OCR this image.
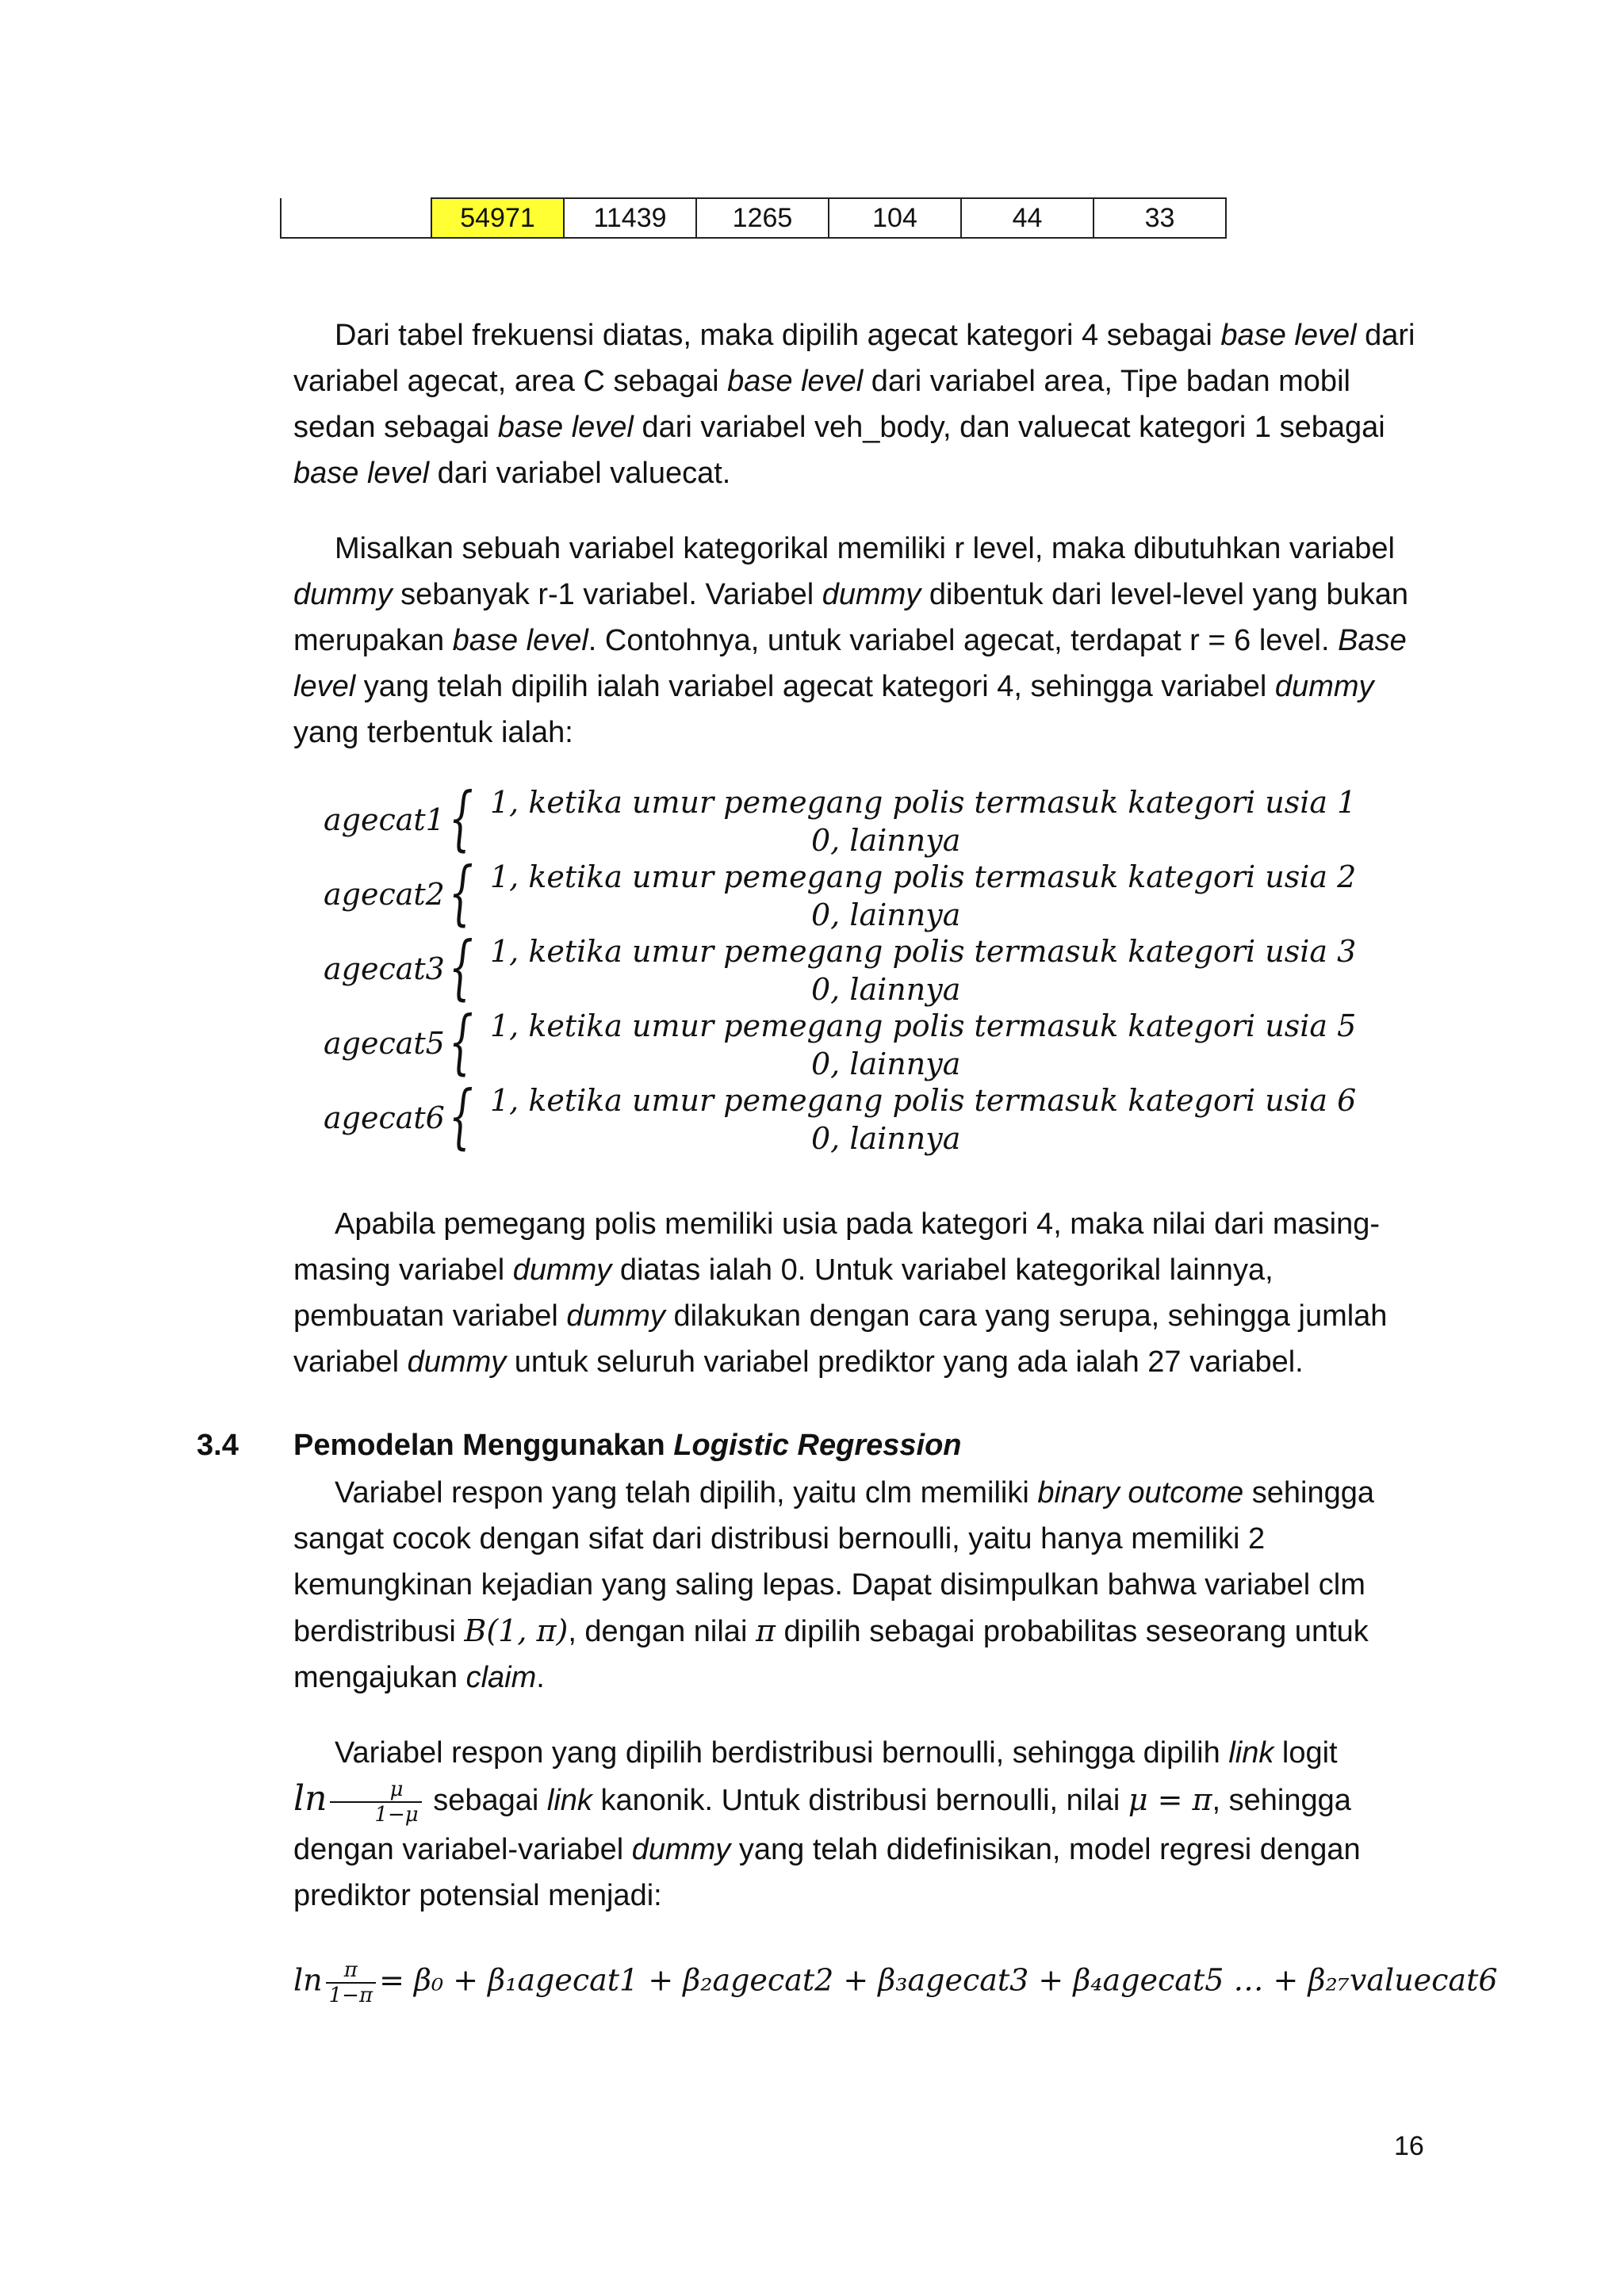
	54971	11439	1265	104	44	33

Dari tabel frekuensi diatas, maka dipilih agecat kategori 4 sebagai base level dari variabel agecat, area C sebagai base level dari variabel area, Tipe badan mobil sedan sebagai base level dari variabel veh_body, dan valuecat kategori 1 sebagai base level dari variabel valuecat.

Misalkan sebuah variabel kategorikal memiliki r level, maka dibutuhkan variabel dummy sebanyak r-1 variabel. Variabel dummy dibentuk dari level-level yang bukan merupakan base level. Contohnya, untuk variabel agecat, terdapat r = 6 level. Base level yang telah dipilih ialah variabel agecat kategori 4, sehingga variabel dummy yang terbentuk ialah:

agecat1 { 1, ketika umur pemegang polis termasuk kategori usia 1
0, lainnya
agecat2 { 1, ketika umur pemegang polis termasuk kategori usia 2
0, lainnya
agecat3 { 1, ketika umur pemegang polis termasuk kategori usia 3
0, lainnya
agecat5 { 1, ketika umur pemegang polis termasuk kategori usia 5
0, lainnya
agecat6 { 1, ketika umur pemegang polis termasuk kategori usia 6
0, lainnya

Apabila pemegang polis memiliki usia pada kategori 4, maka nilai dari masing-masing variabel dummy diatas ialah 0. Untuk variabel kategorikal lainnya, pembuatan variabel dummy dilakukan dengan cara yang serupa, sehingga jumlah variabel dummy untuk seluruh variabel prediktor yang ada ialah 27 variabel.

3.4 Pemodelan Menggunakan Logistic Regression

Variabel respon yang telah dipilih, yaitu clm memiliki binary outcome sehingga sangat cocok dengan sifat dari distribusi bernoulli, yaitu hanya memiliki 2 kemungkinan kejadian yang saling lepas. Dapat disimpulkan bahwa variabel clm berdistribusi B(1, π), dengan nilai π dipilih sebagai probabilitas seseorang untuk mengajukan claim.

Variabel respon yang dipilih berdistribusi bernoulli, sehingga dipilih link logit
$\ln \frac{\mu}{1-\mu}$ sebagai link kanonik. Untuk distribusi bernoulli, nilai μ = π, sehingga dengan variabel-variabel dummy yang telah didefinisikan, model regresi dengan prediktor potensial menjadi:

$\ln \frac{\pi}{1-\pi} = \beta_0$ + β₁agecat1 + β₂agecat2 + β₃agecat3 + β₄agecat5 … + β₂₇valuecat6
16
